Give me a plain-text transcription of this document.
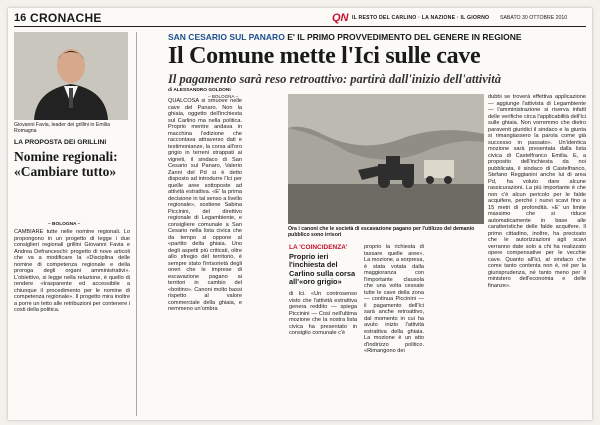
16 CRONACHE	QN IL RESTO DEL CARLINO · LA NAZIONE · IL GIORNO SABATO 30 OTTOBRE 2010
Giovanni Favia, leader dei grillini in Emilia Romagna
LA PROPOSTA DEI GRILLINI
Nomine regionali: «Cambiare tutto»
– BOLOGNA –
CAMBIARE tutte nelle nomine regionali. Lo propongono in un progetto di legge i due consiglieri regionali grillini Giovanni Favia e Andrea Defranceschi: progetto di nove articoli che va a modificare la «Disciplina delle nomine di competenza regionale e della proroga degli organi amministrativi». L'obiettivo, si legge nella relazione, è quello di rendere «trasparente ed accessibile a chiunque il procedimento per le nomine di competenza regionale». Il progetto mira inoltre a porre un tetto alle retribuzioni per contenere i costi della politica.
SAN CESARIO SUL PANARO E' IL PRIMO PROVVEDIMENTO DEL GENERE IN REGIONE
Il Comune mette l'Ici sulle cave
Il pagamento sarà reso retroattivo: partirà dall'inizio dell'attività
di ALESSANDRO GOLDONI
– BOLOGNA –

QUALCOSA si smuove nelle cave del Panaro. Non la ghiaia, oggetto dell'inchiesta sul Carlino ma nella politica. Proprio mentre andava in macchina l'edizione che raccontava attraverso dati e testimonianze, la corsa all'oro grigio in terreni strappati ai vigneti, il sindaco di San Cesario sul Panaro, Valerio Zanni del Pd si è detto disposto ad introdurre l'Ici per quelle aree sottoposte ad attività estrattiva. «E' la prima decisione in tal senso a livello regionale», sostiene Sabina Piccinini, del direttivo regionale di Legambiente, e consigliere comunale a San Cesario nella lista civica che da tempo si oppone al «partito della ghiaia. Uno degli aspetti più criticati, oltre allo sfregio del territorio, è sempre stato l'irrisorietà degli oneri che le imprese di escavazione pagano ai territori in cambio del «bottino». Canoni molto bassi rispetto al valore commerciale della ghiaia, e nemmeno un'ombra

Ora i canoni che le società di escavazione pagano per l'utilizzo del demanio pubblico sono irrisori

dubbi se troverà effettiva applicazione — aggiunge l'attivista di Legambiente — l'amministrazione si riserva infatti delle verifiche circa l'applicabilità dell'Ici sulle ghiaia. Non vorremmo che dietro paraventi giuridici il sindaco e la giunta si rimangiassero la parola come già successo in passato». Un'identica mozione sarà presentata dalla lista civica di Castelfranco Emilia. E, a proposito dell'inchiesta da noi pubblicata, il sindaco di Castelfranco, Stefano Reggianini anche lui di area Pd, ha voluto dare alcune rassicurazioni. La più importante è che non c'è alcun pericolo per le falde acquifere, perché i nuovi scavi fino a 15 metri di profondità. «E' un limite massimo che si riduce automaticamente in base alle caratteristiche delle falde acquifere. Il primo cittadino, inoltre, ha precisato che le autorizzazioni agli scavi verranno date solo a chi ha realizzato opere compensative per le vecchie cave. Quanto all'Ici, al sindaco che come tanto contenta non è, né per la giurisprudenza, né tanto meno per il ministero dell'economia e delle finanze».

LA 'COINCIDENZA'
Proprio ieri l'inchiesta del Carlino sulla corsa all'«oro grigio»

di Ici. «Un controsenso visto che l'attività estrattiva genera reddito — spiega Piccinini — Così nell'ultima mozione che la nostra lista civica ha presentato in consiglio comunale c'è

proprio la richiesta di tassare quelle aree». La mozione, a sorpresa, è stata votata dalla maggioranza con l'importante clausola che una volta cessate tutte le cave della zona — continua Piccinini — il pagamento dell'Ici sarà anche retroattivo, dal momento in cui ha avuto inizio l'attività estrattiva della ghiaia. La mozione è un atto d'indirizzo politico. «Rimangono dei
